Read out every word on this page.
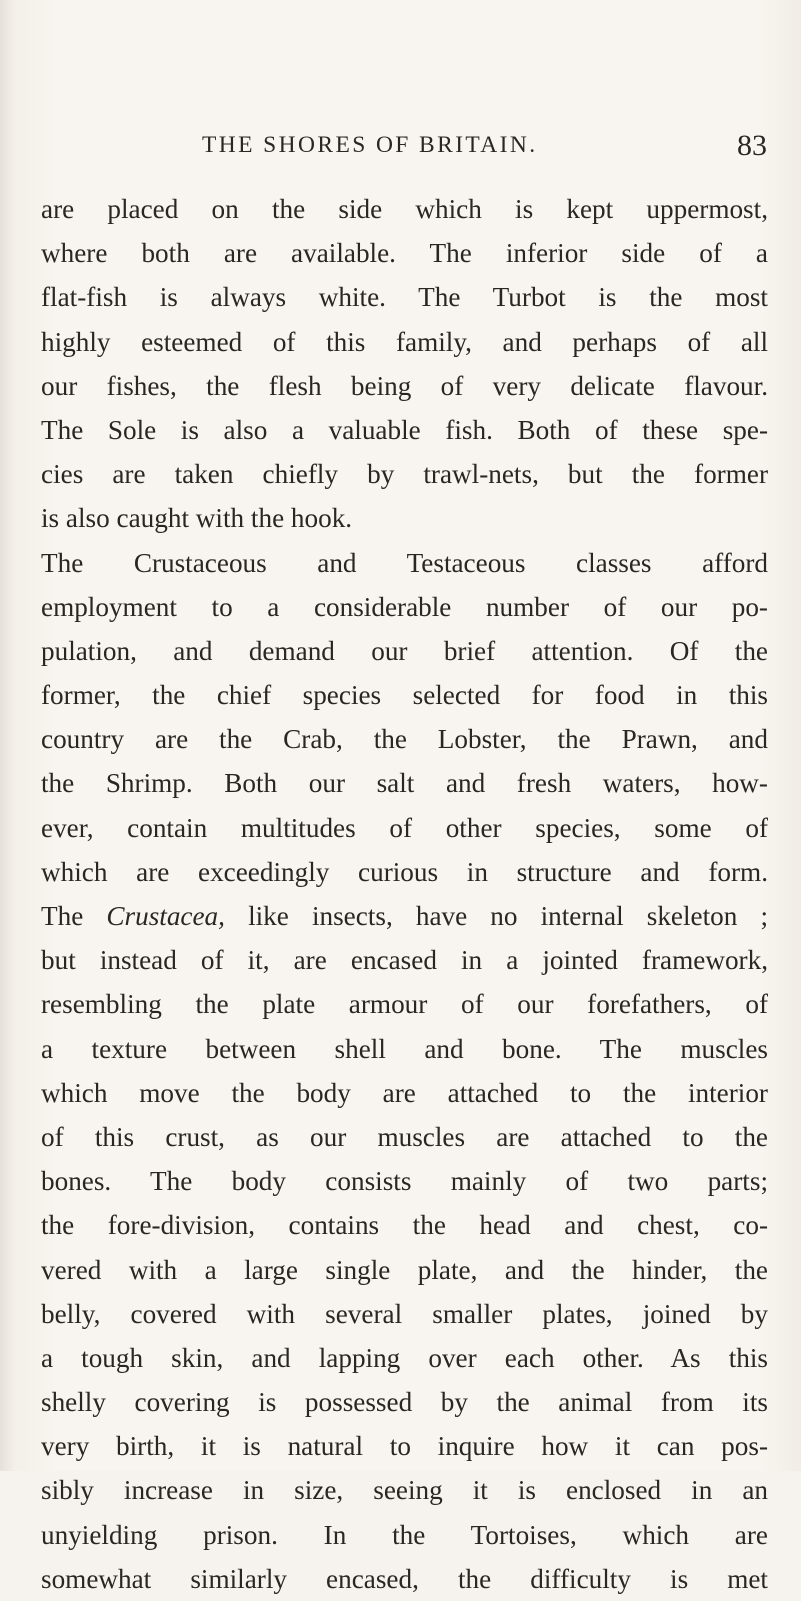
THE SHORES OF BRITAIN.	83
are placed on the side which is kept uppermost,
where both are available. The inferior side of a
flat-fish is always white. The Turbot is the most
highly esteemed of this family, and perhaps of all
our fishes, the flesh being of very delicate flavour.
The Sole is also a valuable fish. Both of these spe-
cies are taken chiefly by trawl-nets, but the former
is also caught with the hook.
The Crustaceous and Testaceous classes afford
employment to a considerable number of our po-
pulation, and demand our brief attention. Of the
former, the chief species selected for food in this
country are the Crab, the Lobster, the Prawn, and
the Shrimp. Both our salt and fresh waters, how-
ever, contain multitudes of other species, some of
which are exceedingly curious in structure and form.
The Crustacea, like insects, have no internal skeleton ;
but instead of it, are encased in a jointed framework,
resembling the plate armour of our forefathers, of
a texture between shell and bone. The muscles
which move the body are attached to the interior
of this crust, as our muscles are attached to the
bones. The body consists mainly of two parts;
the fore-division, contains the head and chest, co-
vered with a large single plate, and the hinder, the
belly, covered with several smaller plates, joined by
a tough skin, and lapping over each other. As this
shelly covering is possessed by the animal from its
very birth, it is natural to inquire how it can pos-
sibly increase in size, seeing it is enclosed in an
unyielding prison. In the Tortoises, which are
somewhat similarly encased, the difficulty is met
